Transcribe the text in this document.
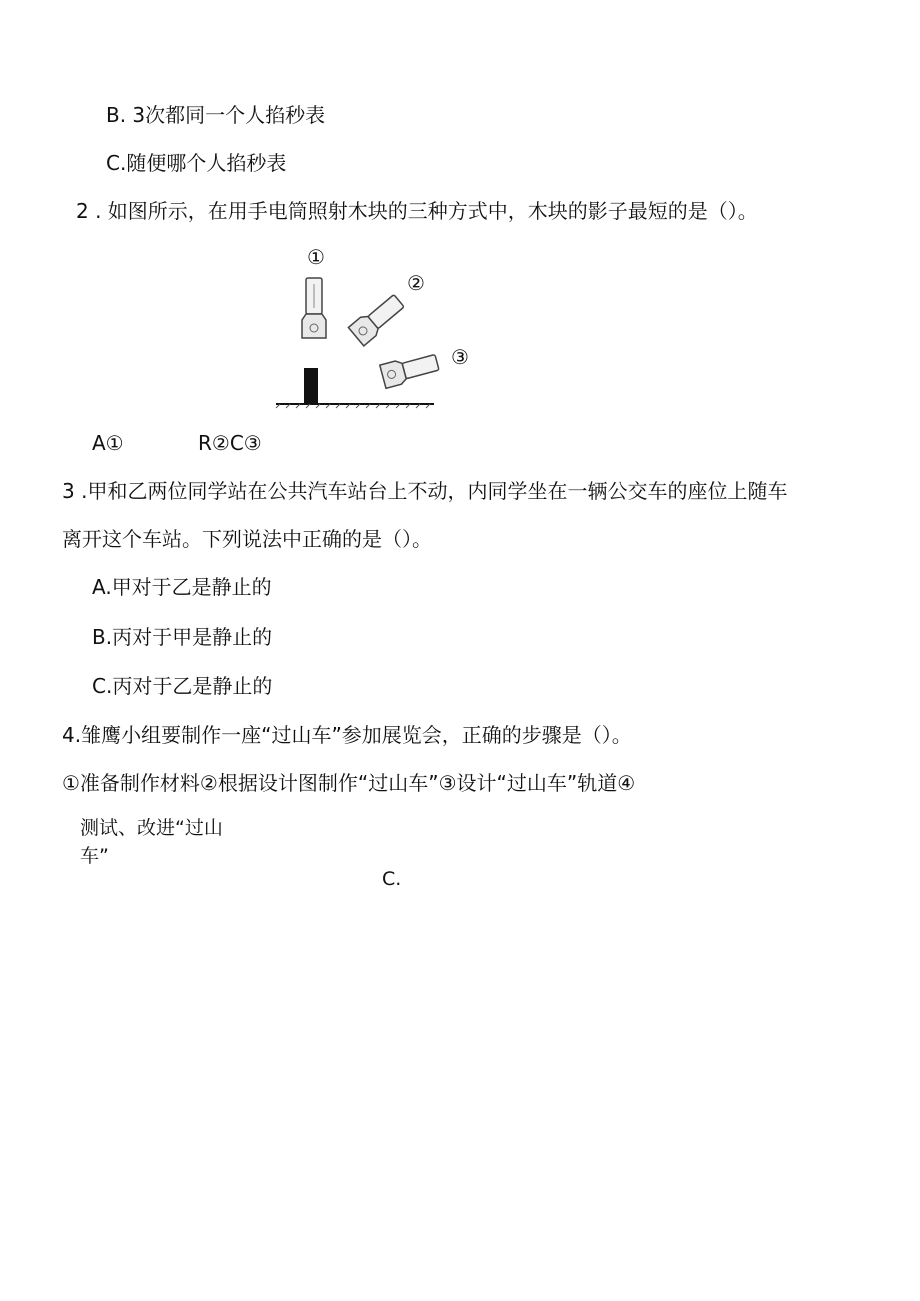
B. 3次都同一个人掐秒表
C.随便哪个人掐秒表
2 . 如图所示，在用手电筒照射木块的三种方式中，木块的影子最短的是（）。
①
②
③
A①	R②C③
3 .甲和乙两位同学站在公共汽车站台上不动，内同学坐在一辆公交车的座位上随车
离开这个车站。下列说法中正确的是（）。
A.甲对于乙是静止的
B.丙对于甲是静止的
C.丙对于乙是静止的
4.雏鹰小组要制作一座“过山车”参加展览会，正确的步骤是（）。
①准备制作材料②根据设计图制作“过山车”③设计“过山车”轨道④
测试、改进“过山
车”
C.
